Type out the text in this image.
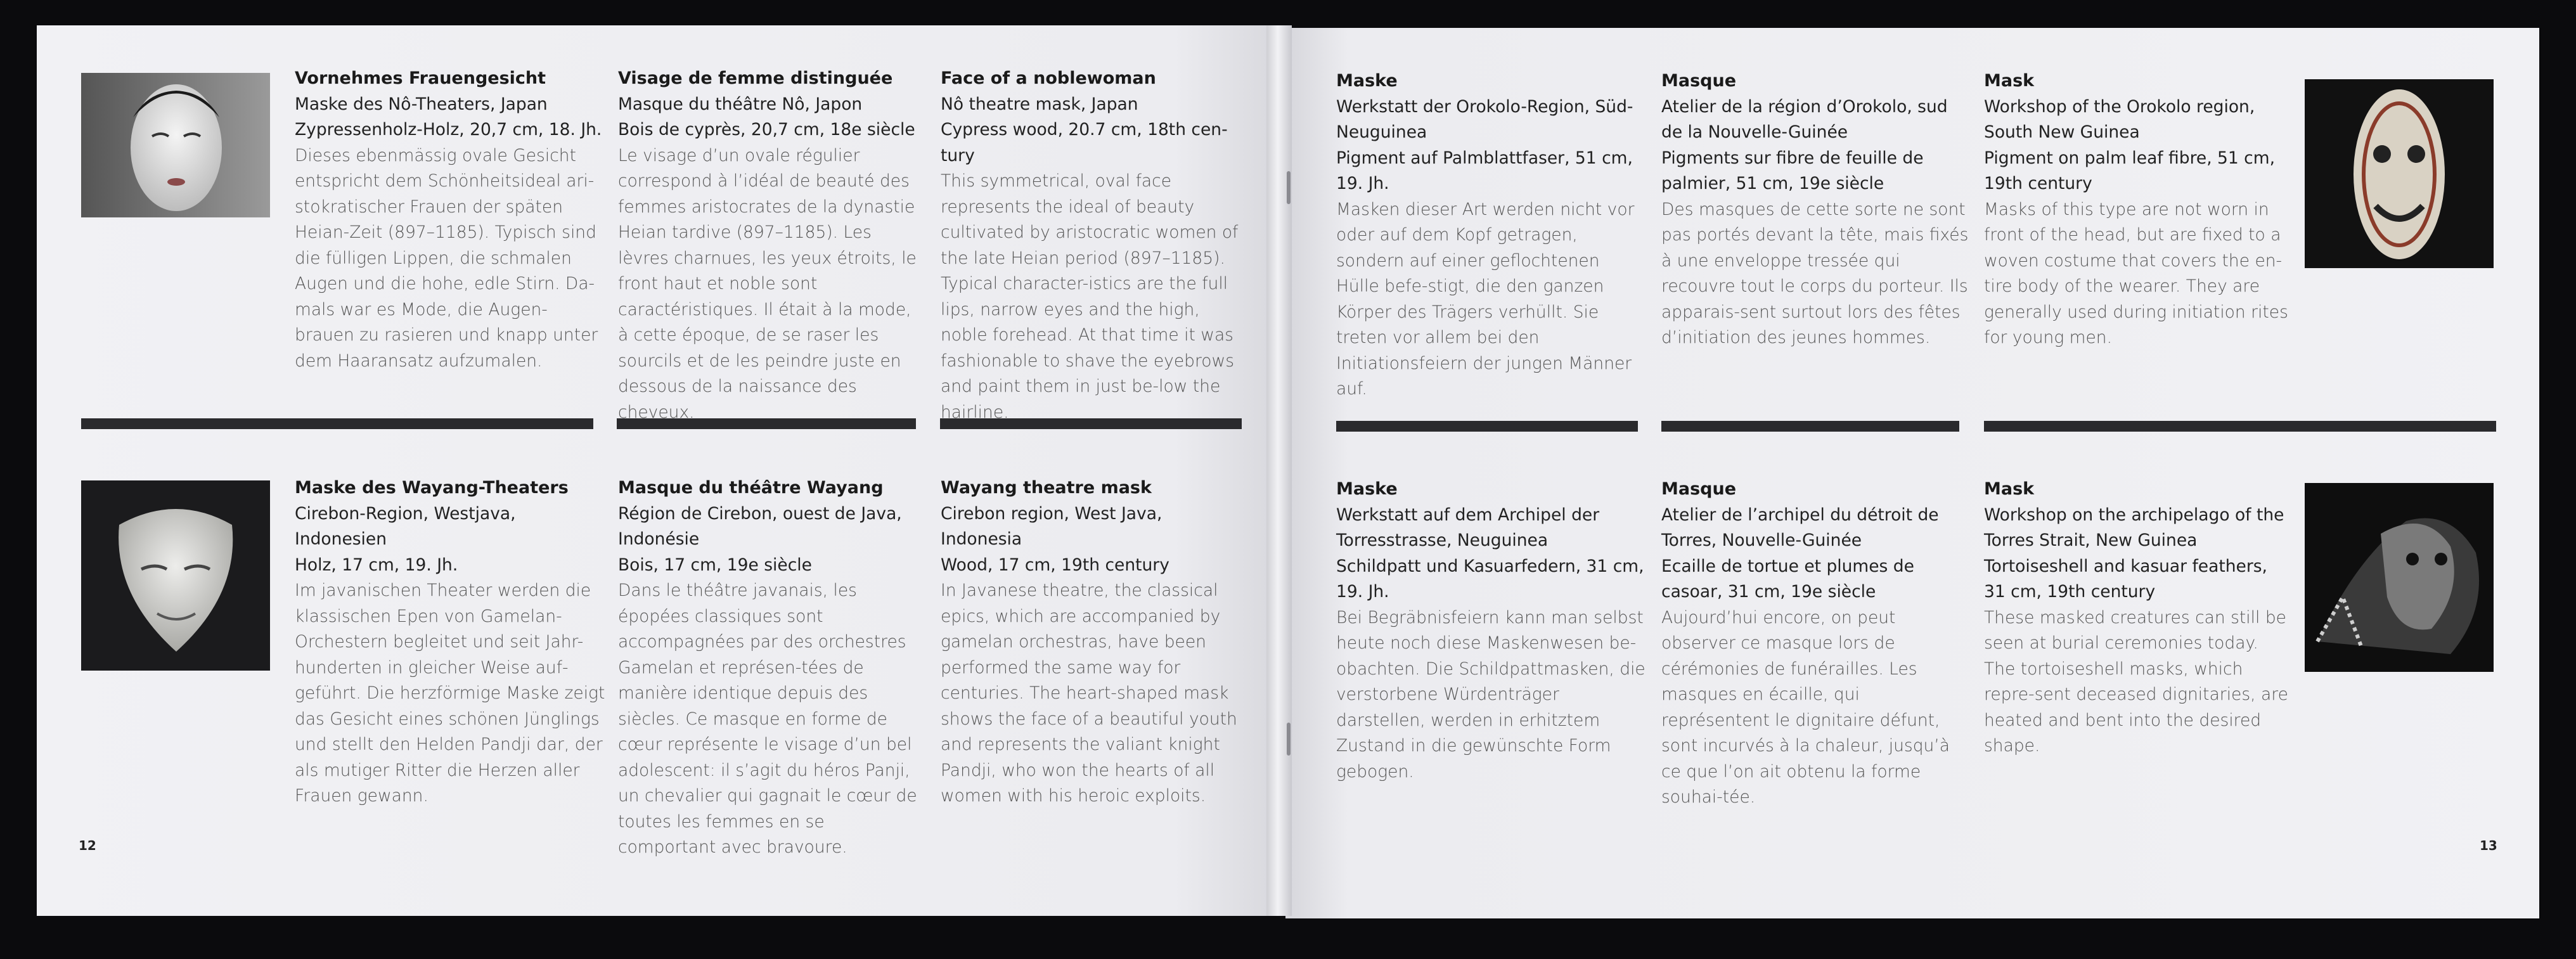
Vornehmes Frauengesicht
Maske des Nô-Theaters, Japan
Zypressenholz-Holz, 20,7 cm, 18. Jh.
Dieses ebenmässig ovale Gesicht entspricht dem Schönheitsideal ari-stokratischer Frauen der späten Heian-Zeit (897–1185). Typisch sind die fülligen Lippen, die schmalen Augen und die hohe, edle Stirn. Da-mals war es Mode, die Augen-brauen zu rasieren und knapp unter dem Haaransatz aufzumalen.
Visage de femme distinguée
Masque du théâtre Nô, Japon
Bois de cyprès, 20,7 cm, 18e siècle
Le visage d’un ovale régulier correspond à l’idéal de beauté des femmes aristocrates de la dynastie Heian tardive (897–1185). Les lèvres charnues, les yeux étroits, le front haut et noble sont caractéristiques. Il était à la mode, à cette époque, de se raser les sourcils et de les peindre juste en dessous de la naissance des cheveux.
Face of a noblewoman
Nô theatre mask, Japan
Cypress wood, 20.7 cm, 18th cen-tury
This symmetrical, oval face represents the ideal of beauty cultivated by aristocratic women of the late Heian period (897–1185). Typical character-istics are the full lips, narrow eyes and the high, noble forehead. At that time it was fashionable to shave the eyebrows and paint them in just be-low the hairline.
Maske des Wayang-Theaters
Cirebon-Region, Westjava, Indonesien
Holz, 17 cm, 19. Jh.
Im javanischen Theater werden die klassischen Epen von Gamelan-Orchestern begleitet und seit Jahr-hunderten in gleicher Weise auf-geführt. Die herzförmige Maske zeigt das Gesicht eines schönen Jünglings und stellt den Helden Pandji dar, der als mutiger Ritter die Herzen aller Frauen gewann.
Masque du théâtre Wayang
Région de Cirebon, ouest de Java, Indonésie
Bois, 17 cm, 19e siècle
Dans le théâtre javanais, les épopées classiques sont accompagnées par des orchestres Gamelan et représen-tées de manière identique depuis des siècles. Ce masque en forme de cœur représente le visage d’un bel adolescent: il s’agit du héros Panji, un chevalier qui gagnait le cœur de toutes les femmes en se comportant avec bravoure.
Wayang theatre mask
Cirebon region, West Java, Indonesia
Wood, 17 cm, 19th century
In Javanese theatre, the classical epics, which are accompanied by gamelan orchestras, have been performed the same way for centuries. The heart-shaped mask shows the face of a beautiful youth and represents the valiant knight Pandji, who won the hearts of all women with his heroic exploits.
Maske
Werkstatt der Orokolo-Region, Süd-Neuguinea
Pigment auf Palmblattfaser, 51 cm, 19. Jh.
Masken dieser Art werden nicht vor oder auf dem Kopf getragen, sondern auf einer geflochtenen Hülle befe-stigt, die den ganzen Körper des Trägers verhüllt. Sie treten vor allem bei den Initiationsfeiern der jungen Männer auf.
Masque
Atelier de la région d’Orokolo, sud de la Nouvelle-Guinée
Pigments sur fibre de feuille de palmier, 51 cm, 19e siècle
Des masques de cette sorte ne sont pas portés devant la tête, mais fixés à une enveloppe tressée qui recouvre tout le corps du porteur. Ils apparais-sent surtout lors des fêtes d’initiation des jeunes hommes.
Mask
Workshop of the Orokolo region, South New Guinea
Pigment on palm leaf fibre, 51 cm, 19th century
Masks of this type are not worn in front of the head, but are fixed to a woven costume that covers the en-tire body of the wearer. They are generally used during initiation rites for young men.
Maske
Werkstatt auf dem Archipel der Torresstrasse, Neuguinea
Schildpatt und Kasuarfedern, 31 cm, 19. Jh.
Bei Begräbnisfeiern kann man selbst heute noch diese Maskenwesen be-obachten. Die Schildpattmasken, die verstorbene Würdenträger darstellen, werden in erhitztem Zustand in die gewünschte Form gebogen.
Masque
Atelier de l’archipel du détroit de Torres, Nouvelle-Guinée
Ecaille de tortue et plumes de casoar, 31 cm, 19e siècle
Aujourd’hui encore, on peut observer ce masque lors de cérémonies de funérailles. Les masques en écaille, qui représentent le dignitaire défunt, sont incurvés à la chaleur, jusqu’à ce que l’on ait obtenu la forme souhai-tée.
Mask
Workshop on the archipelago of the Torres Strait, New Guinea
Tortoiseshell and kasuar feathers, 31 cm, 19th century
These masked creatures can still be seen at burial ceremonies today. The tortoiseshell masks, which repre-sent deceased dignitaries, are heated and bent into the desired shape.
12	13
